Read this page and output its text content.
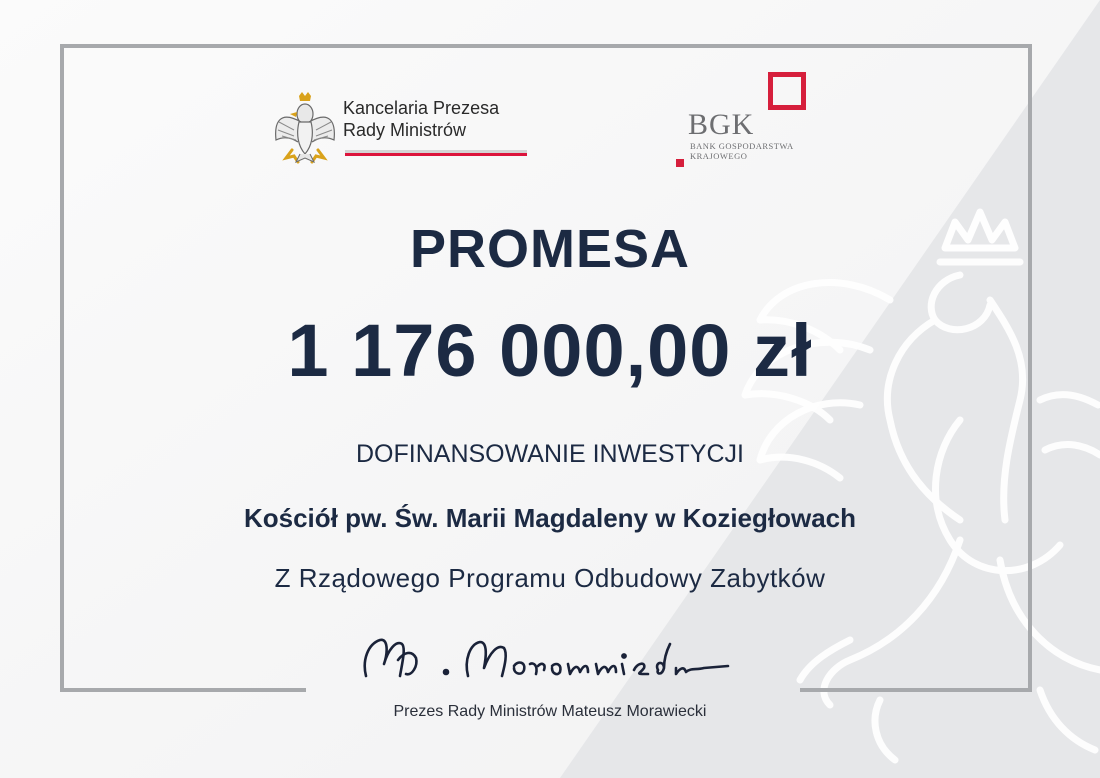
Kancelaria Prezesa
Rady Ministrów	BGK
BANK GOSPODARSTWA
KRAJOWEGO
PROMESA
1 176 000,00 zł
DOFINANSOWANIE INWESTYCJI
Kościół pw. Św. Marii Magdaleny w Koziegłowach
Z Rządowego Programu Odbudowy Zabytków
Prezes Rady Ministrów Mateusz Morawiecki
